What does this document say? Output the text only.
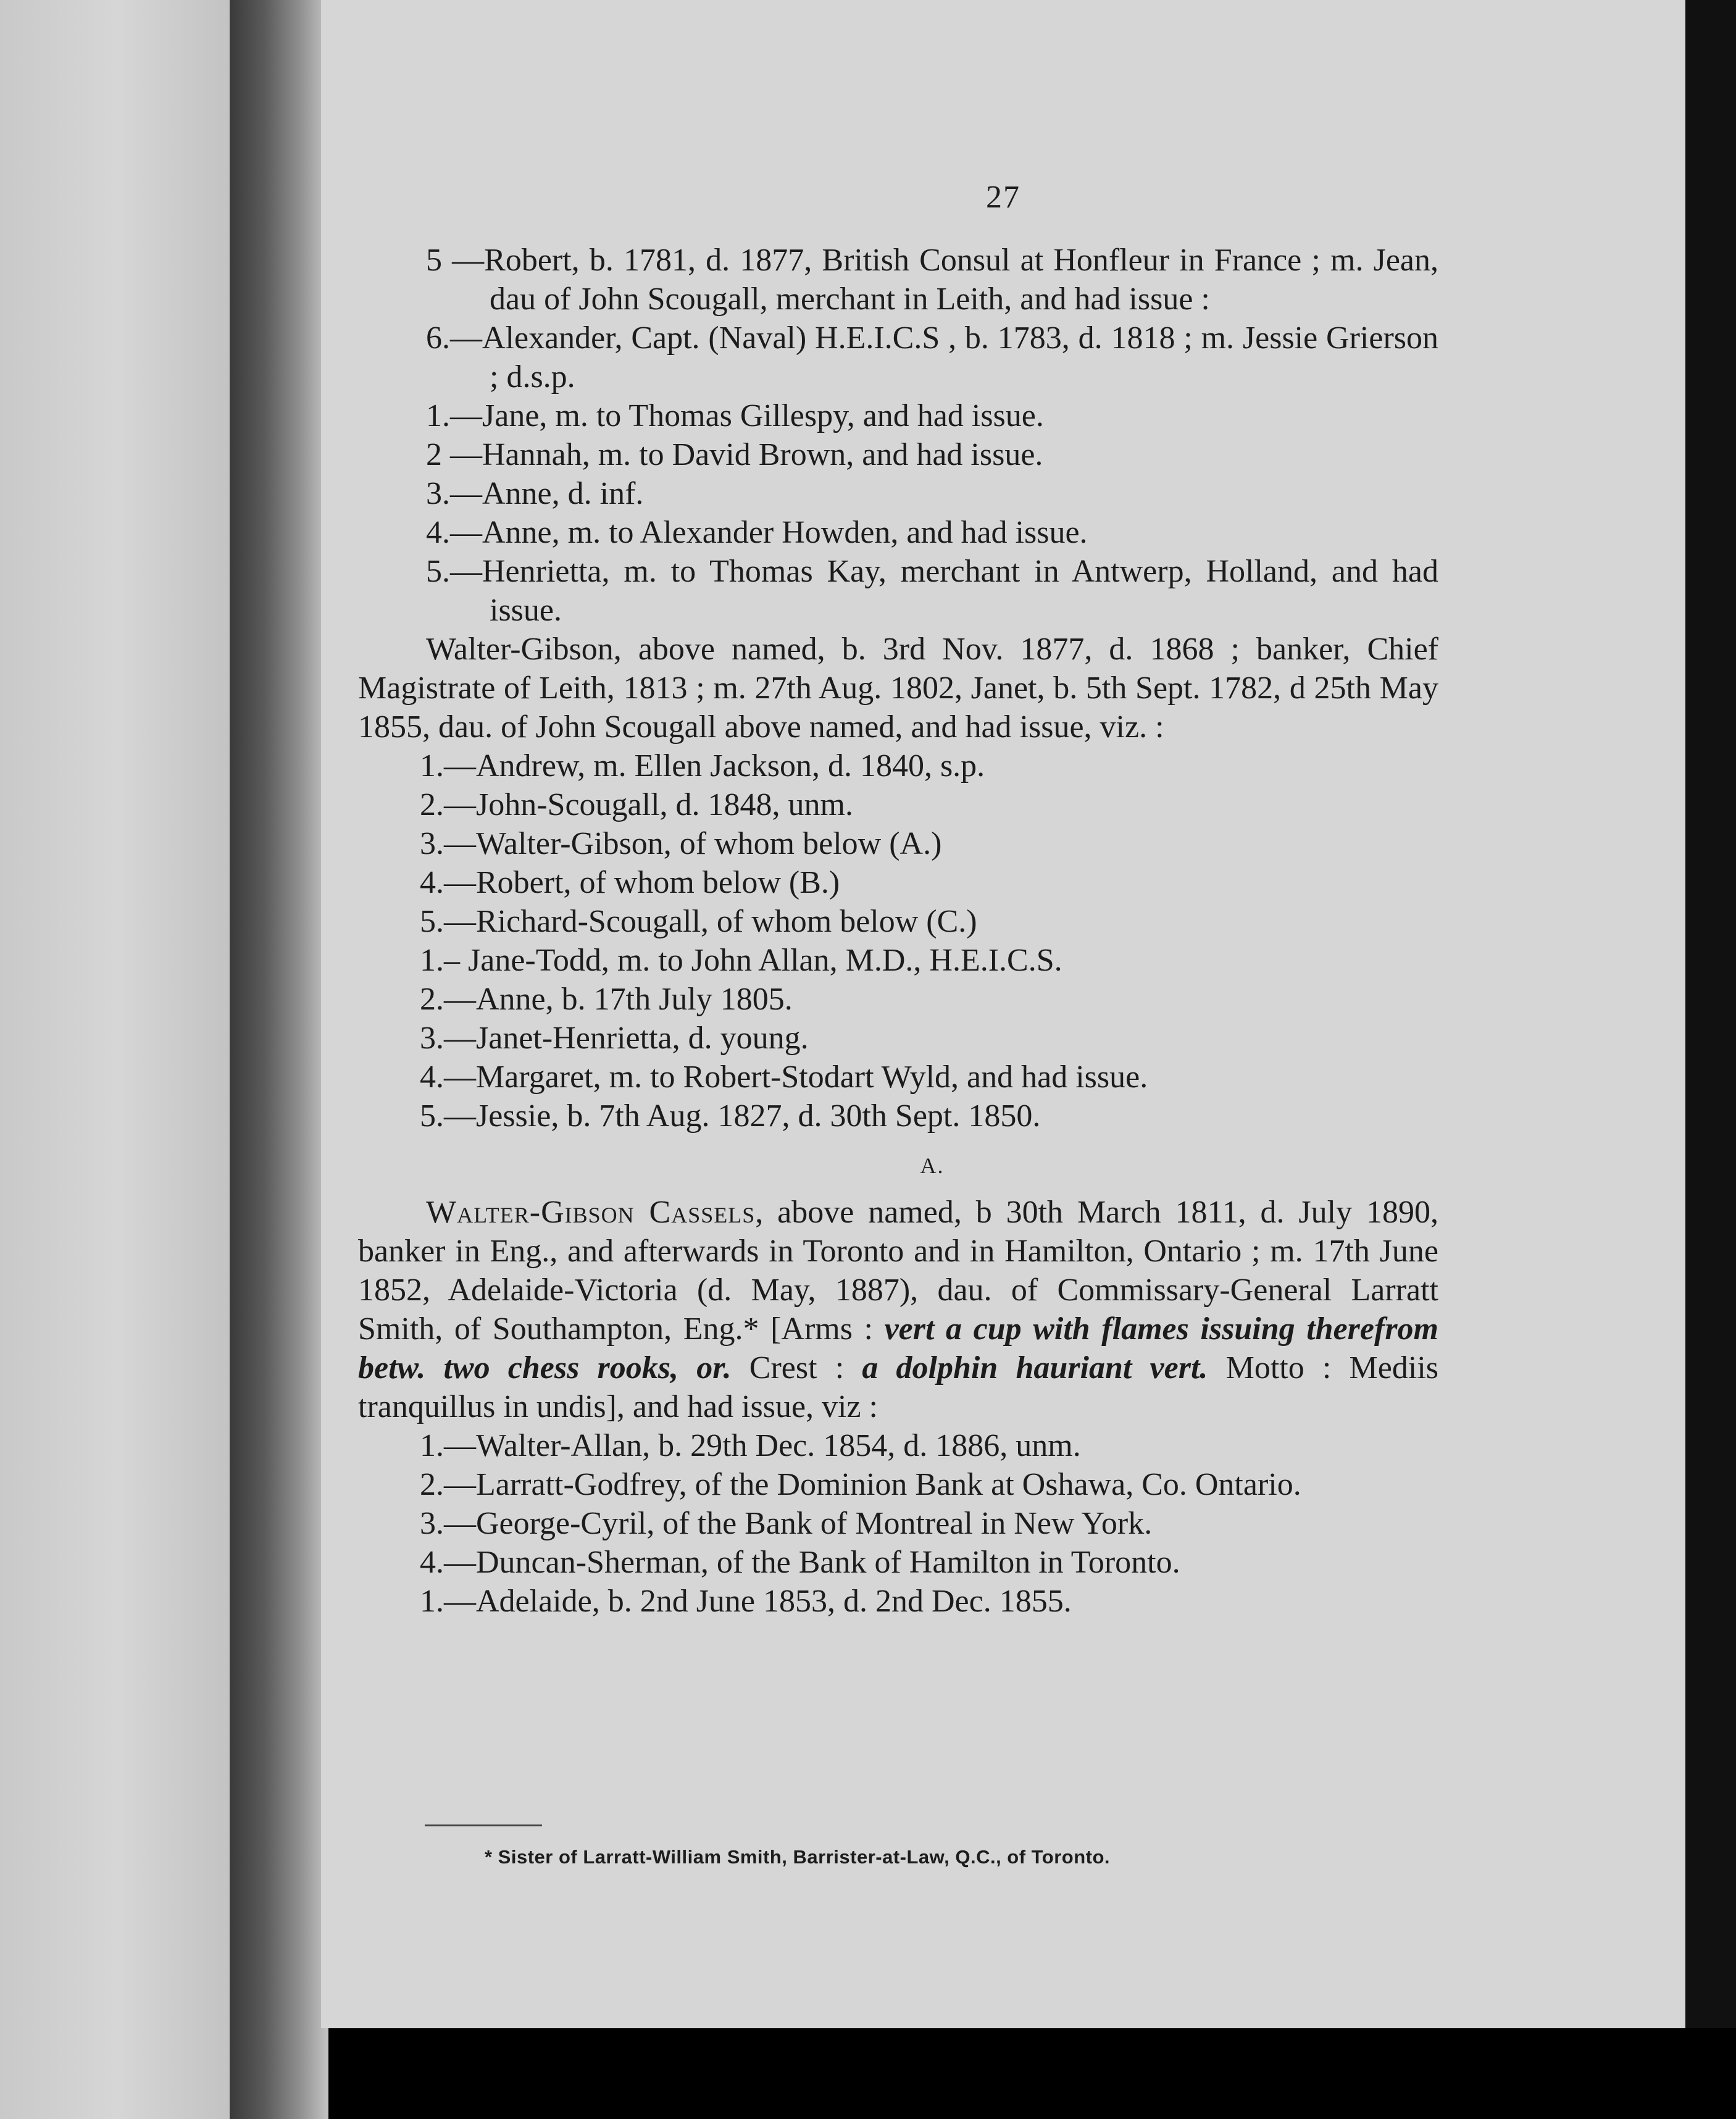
27

5 —Robert, b. 1781, d. 1877, British Consul at Honfleur in France ; m. Jean, dau of John Scougall, merchant in Leith, and had issue :

6.—Alexander, Capt. (Naval) H.E.I.C.S , b. 1783, d. 1818 ; m. Jessie Grierson ; d.s.p.

1.—Jane, m. to Thomas Gillespy, and had issue.

2 —Hannah, m. to David Brown, and had issue.

3.—Anne, d. inf.

4.—Anne, m. to Alexander Howden, and had issue.

5.—Henrietta, m. to Thomas Kay, merchant in Antwerp, Holland, and had issue.

Walter-Gibson, above named, b. 3rd Nov. 1877, d. 1868 ; banker, Chief Magistrate of Leith, 1813 ; m. 27th Aug. 1802, Janet, b. 5th Sept. 1782, d 25th May 1855, dau. of John Scougall above named, and had issue, viz. :

1.—Andrew, m. Ellen Jackson, d. 1840, s.p.

2.—John-Scougall, d. 1848, unm.

3.—Walter-Gibson, of whom below (A.)

4.—Robert, of whom below (B.)

5.—Richard-Scougall, of whom below (C.)

1.– Jane-Todd, m. to John Allan, M.D., H.E.I.C.S.

2.—Anne, b. 17th July 1805.

3.—Janet-Henrietta, d. young.

4.—Margaret, m. to Robert-Stodart Wyld, and had issue.

5.—Jessie, b. 7th Aug. 1827, d. 30th Sept. 1850.

A.

Walter-Gibson Cassels, above named, b 30th March 1811, d. July 1890, banker in Eng., and afterwards in Toronto and in Hamilton, Ontario ; m. 17th June 1852, Adelaide-Victoria (d. May, 1887), dau. of Commissary-General Larratt Smith, of Southampton, Eng.* [Arms : vert a cup with flames issuing therefrom betw. two chess rooks, or. Crest : a dolphin hauriant vert. Motto : Mediis tranquillus in undis], and had issue, viz :

1.—Walter-Allan, b. 29th Dec. 1854, d. 1886, unm.

2.—Larratt-Godfrey, of the Dominion Bank at Oshawa, Co. Ontario.

3.—George-Cyril, of the Bank of Montreal in New York.

4.—Duncan-Sherman, of the Bank of Hamilton in Toronto.

1.—Adelaide, b. 2nd June 1853, d. 2nd Dec. 1855.

* Sister of Larratt-William Smith, Barrister-at-Law, Q.C., of Toronto.
